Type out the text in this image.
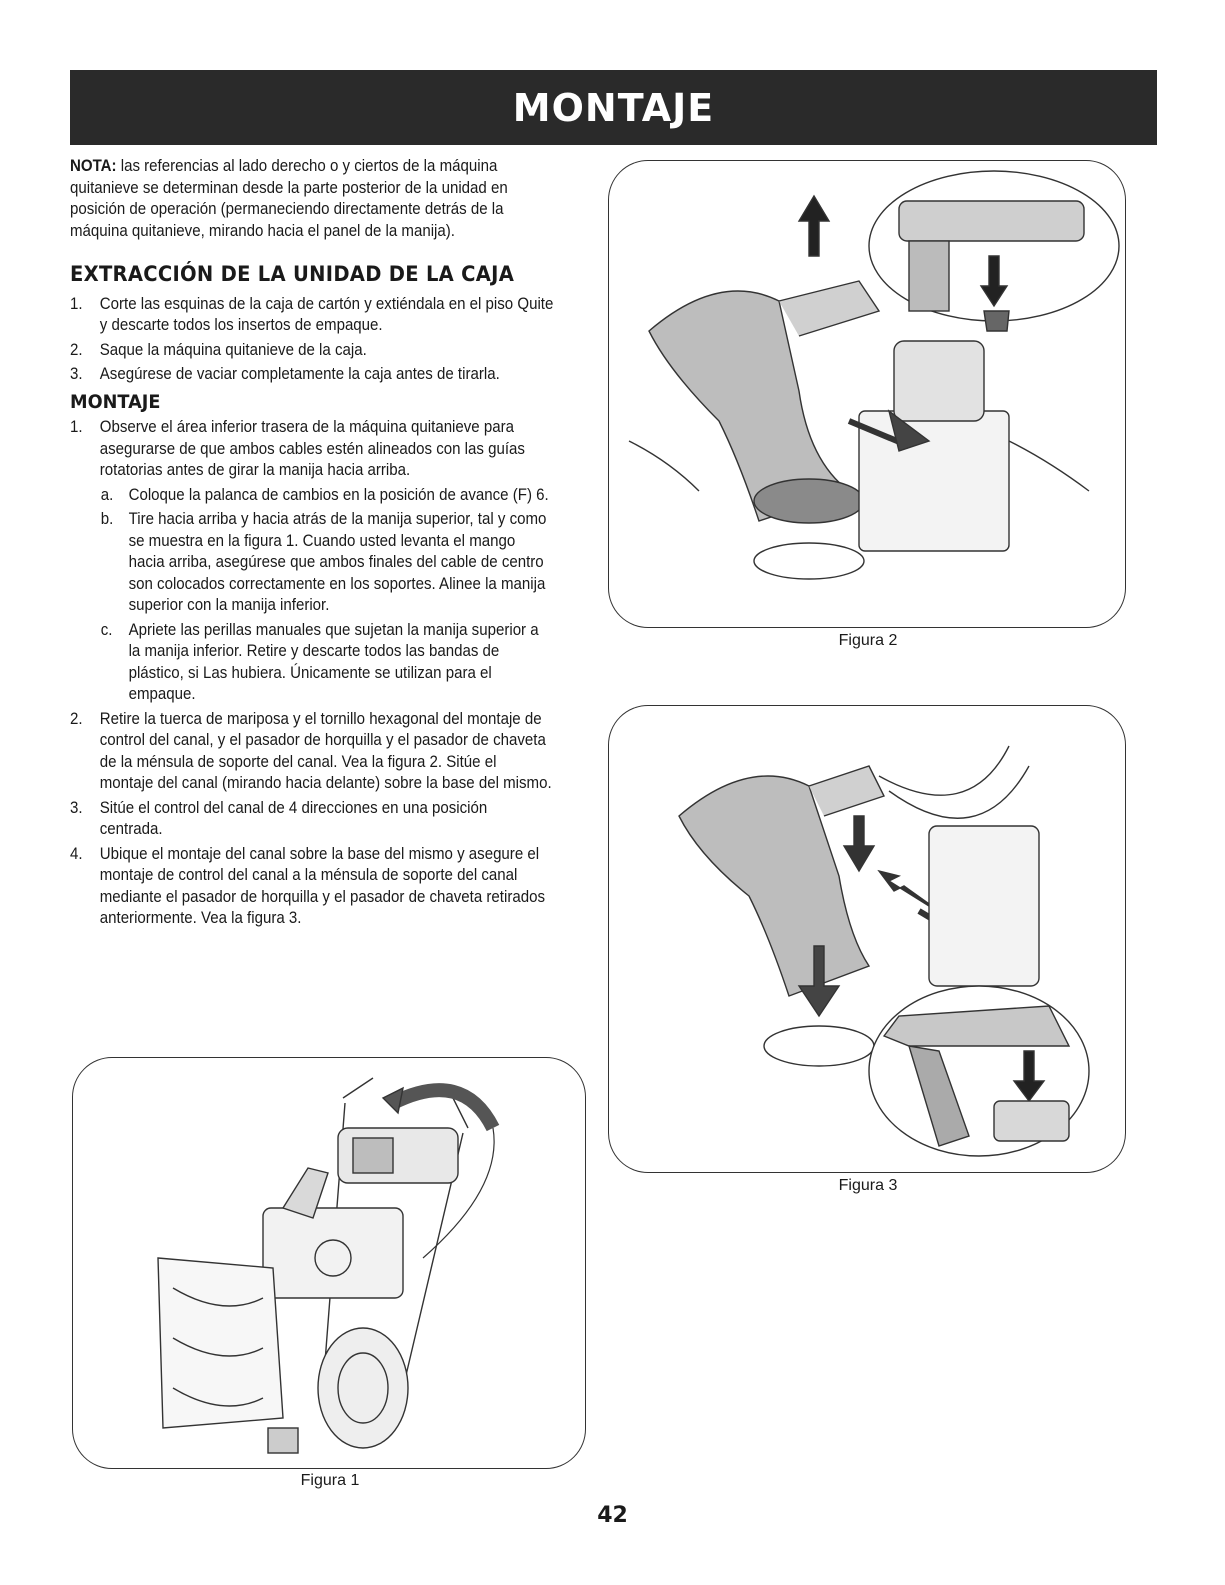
MONTAJE
NOTA: las referencias al lado derecho o y ciertos de la máquina quitanieve se determinan desde la parte posterior de la unidad en posición de operación (permaneciendo directamente detrás de la máquina quitanieve, mirando hacia el panel de la manija).
EXTRACCIÓN DE LA UNIDAD DE LA CAJA
1.	Corte las esquinas de la caja de cartón y extiéndala en el piso Quite y descarte todos los insertos de empaque.
2.	Saque la máquina quitanieve de la caja.
3.	Asegúrese de vaciar completamente la caja antes de tirarla.
MONTAJE
1.	Observe el área inferior trasera de la máquina quitanieve para asegurarse de que ambos cables estén alineados con las guías rotatorias antes de girar la manija hacia arriba.
a. Coloque la palanca de cambios en la posición de avance (F) 6.
b. Tire hacia arriba y hacia atrás de la manija superior, tal y como se muestra en la figura 1. Cuando usted levanta el mango hacia arriba, asegúrese que ambos finales del cable de centro son colocados correctamente en los soportes. Alinee la manija superior con la manija inferior.
c. Apriete las perillas manuales que sujetan la manija superior a la manija inferior. Retire y descarte todos las bandas de plástico, si Las hubiera. Únicamente se utilizan para el empaque.
2.	Retire la tuerca de mariposa y el tornillo hexagonal del montaje de control del canal, y el pasador de horquilla y el pasador de chaveta de la ménsula de soporte del canal. Vea la figura 2. Sitúe el montaje del canal (mirando hacia delante) sobre la base del mismo.
3.	Sitúe el control del canal de 4 direcciones en una posición centrada.
4.	Ubique el montaje del canal sobre la base del mismo y asegure el montaje de control del canal a la ménsula de soporte del canal mediante el pasador de horquilla y el pasador de chaveta retirados anteriormente. Vea la figura 3.
Figura 1
Figura 2
Figura 3
42
